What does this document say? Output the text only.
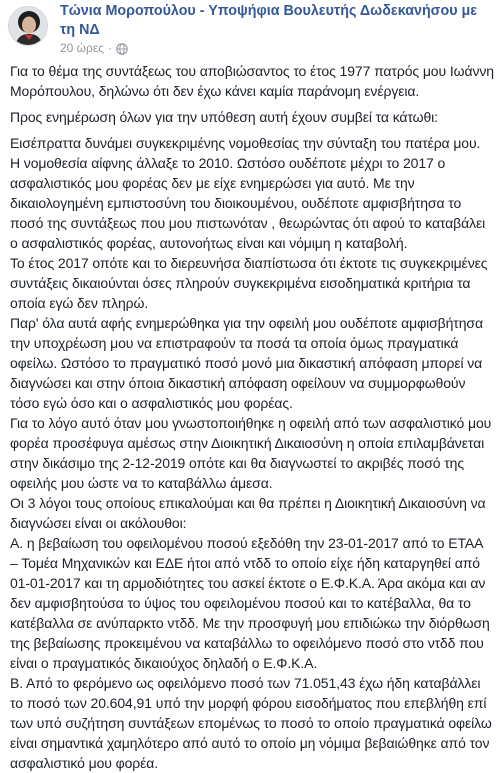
Τώνια Μοροπούλου - Υποψήφια Βουλευτής Δωδεκανήσου με τη ΝΔ
20 ώρες ·

Για το θέμα της συντάξεως του αποβιώσαντος το έτος 1977 πατρός μου Ιωάννη Μορόπουλου, δηλώνω ότι δεν έχω κάνει καμία παράνομη ενέργεια.

Προς ενημέρωση όλων για την υπόθεση αυτή έχουν συμβεί τα κάτωθι:

Εισέπραττα δυνάμει συγκεκριμένης νομοθεσίας την σύνταξη του πατέρα μου. Η νομοθεσία αίφνης άλλαξε το 2010. Ωστόσο ουδέποτε μέχρι το 2017 ο ασφαλιστικός μου φορέας δεν με είχε ενημερώσει για αυτό. Με την δικαιολογημένη εμπιστοσύνη του διοικουμένου, ουδέποτε αμφισβήτησα το ποσό της συντάξεως που μου πιστωνόταν , θεωρώντας ότι αφού το καταβάλει ο ασφαλιστικός φορέας, αυτονοήτως είναι και νόμιμη η καταβολή.

Το έτος 2017 οπότε και το διερευνήσα διαπίστωσα ότι έκτοτε τις συγκεκριμένες συντάξεις δικαιούνται όσες πληρούν συγκεκριμένα εισοδηματικά κριτήρια τα οποία εγώ δεν πληρώ.

Παρ' όλα αυτά αφής ενημερώθηκα για την οφειλή μου ουδέποτε αμφισβήτησα την υποχρέωση μου να επιστραφούν τα ποσά τα οποία όμως πραγματικά οφείλω. Ωστόσο το πραγματικό ποσό μονό μια δικαστική απόφαση μπορεί να διαγνώσει και στην όποια δικαστική απόφαση οφείλουν να συμμορφωθούν τόσο εγώ όσο και ο ασφαλιστικός μου φορέας.

Για το λόγο αυτό όταν μου γνωστοποιήθηκε η οφειλή από των ασφαλιστικό μου φορέα προσέφυγα αμέσως στην Διοικητική Δικαιοσύνη η οποία επιλαμβάνεται στην δικάσιμο της 2-12-2019 οπότε και θα διαγνωστεί το ακριβές ποσό της οφειλής μου ώστε να το καταβάλλω άμεσα.

Οι 3 λόγοι τους οποίους επικαλούμαι και θα πρέπει η Διοικητική Δικαιοσύνη να διαγνώσει είναι οι ακόλουθοι:

Α. η βεβαίωση του οφειλομένου ποσού εξεδόθη την 23-01-2017 από το ΕΤΑΑ – Τομέα Μηχανικών και ΕΔΕ ήτοι από ντδδ το οποίο είχε ήδη καταργηθεί από 01-01-2017 και τη αρμοδιότητες του ασκεί έκτοτε ο Ε.Φ.Κ.Α. Άρα ακόμα και αν δεν αμφισβητούσα το ύψος του οφειλομένου ποσού και το κατέβαλλα, θα το κατέβαλλα σε ανύπαρκτο ντδδ. Με την προσφυγή μου επιδιώκω την διόρθωση της βεβαίωσης προκειμένου να καταβάλλω το οφειλόμενο ποσό στο ντδδ που είναι ο πραγματικός δικαιούχος δηλαδή ο Ε.Φ.Κ.Α.

Β. Από το φερόμενο ως οφειλόμενο ποσό των 71.051,43 έχω ήδη καταβάλλει το ποσό των 20.604,91 υπό την μορφή φόρου εισοδήματος που επεβλήθη επί των υπό συζήτηση συντάξεων επομένως το ποσό το οποίο πραγματικά οφείλω είναι σημαντικά χαμηλότερο από αυτό το οποίο μη νόμιμα βεβαιώθηκε από τον ασφαλιστικό μου φορέα.
